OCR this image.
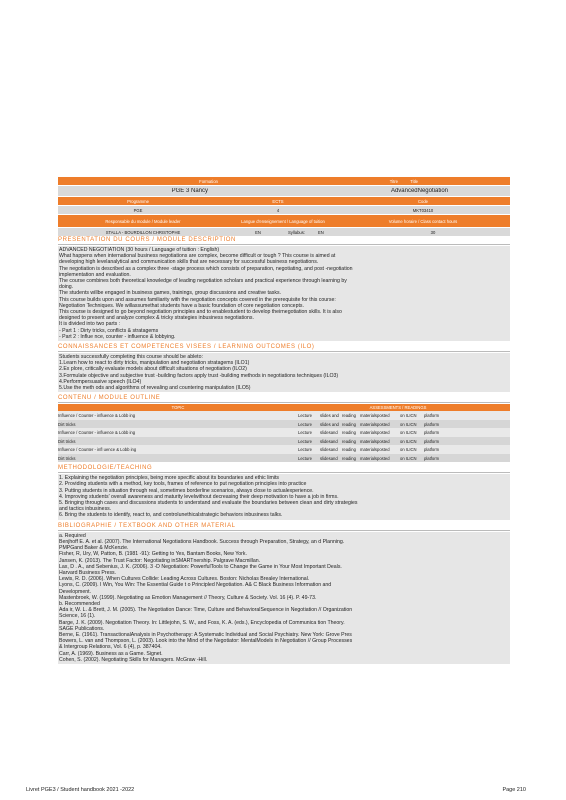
Formation	Titre	Title
PGE 3 Nancy	AdvancedNegotiation
Programme	ECTS	Code
PGE	4	MKT03410
Responsable du module / Module leader	Langue d'enseignement / Language of tuition	Volume horaire / Class contact hours
STALLA - BOURDILLON CHRISTOPHE	EN	Syllabus:	EN	30
PRESENTATION DU COURS / MODULE DESCRIPTION
ADVANCED NEGOTIATION (30 hours / Language of tuition : English)
What happens when international business negotiations are complex, become difficult or tough ? This course is aimed at
developing high levelanalytical and communication skills that are necessary for successful business negotiations.
The negotiation is described as a complex three -stage process which consists of preparation, negotiating, and post -negotiation
implementation and evaluation.
The course combines both theoretical knowledge of leading negotiation scholars and practical experience through learning by
doing.
The students willbe engaged in business games, trainings, group discussions and creative tasks.
This course builds upon and assumes familiarity with the negotiation concepts covered in the prerequisite for this course:
Negotiation Techniques. We willassumethat students have a basic foundation of core negotiation concepts.
This course is designed to go beyond negotiation principles and to enablestudent to develop theirnegotiation skills. It is also
designed to present and analyze complex & tricky strategies inbusiness negotiations.
It is divided into two parts :
- Part 1 : Dirty tricks, conflicts & stratagems
- Part 2 : Influe nce, counter - influence & lobbying.
CONNAISSANCES ET COMPETENCES VISEES / LEARNING OUTCOMES (ILO)
Students successfully completing this course should be ableto:
1.Learn how to react to dirty tricks, manipulation and negotiation stratagems (ILO1)
2.Ex plore, critically evaluate models about difficult situations of negotiation (ILO2)
3.Formulate objective and subjective trust -building factors apply trust -building methods in negotiations techniques (ILO3)
4.Performpersuasive speech (ILO4)
5.Use the meth ods and algorithms of revealing and countering manipulation (ILO5)
CONTENU / MODULE OUTLINE
TOPIC	ASSESSMENTS / READINGS
Influence / Counter - influence & Lobb ing	Lecture	slides and reading materialsposted	on ILICN	platform
Dirt tricks	Lecture	slides and reading materialsposted	on ILICN	platform
Influence / Counter - influence & Lobb ing	Lecture	slidesand	reading materialsposted	on ILICN	platform
Dirt tricks	Lecture	slidesand	reading materialsposted	on ILICN	platform
Influence / Counter - infl uence & Lobb ing	Lecture	slidesand	reading materialsposted	on ILICN	platform
Dirt tricks	Lecture	slidesand	reading materialsposted	on ILICN	platform
METHODOLOGIE/TEACHING
1. Explaining the negotiation principles, being more specific about its boundaries and ethic limits
2. Providing students with a method, key tools, frames of reference to put negotiation principles into practice
3. Putting students in situation through real, sometimes borderline scenarios, always close to actualexperience.
4. Improving students' overall awareness and maturity levelwithout decreasing their deep motivation to have a job in firms.
5. Bringing through cases and discussions students to understand and evaluate the boundaries between clean and dirty strategies
and tactics inbusiness.
6. Bring the students to identify, react to, and controlunethicalstrategic behaviors inbusiness talks.
BIBLIOGRAPHIE / TEXTBOOK AND OTHER MATERIAL
a. Required
Benjhoff E. A. et al. (2007). The International Negotiations Handbook. Success through Preparation, Strategy, an d Planning.
PMPGand Baker & McKenzie.
Fisher, R, Ury, W, Patton, B. (1981 -91): Getting to Yes, Bantam Books, New York.
Jansen, K. (2013). The Trust Factor: Negotiating inSMARTnership. Palgrave Macmillan.
Lax, D . A., and Sebenius, J. K. (2006). 3 -D Negotiation: PowerfulTools to Change the Game in Your Most Important Deals.
Harvard Business Press.
Lewis, R. D. (2006). When Cultures Collide: Leading Across Cultures. Boston: Nicholas Brealey International.
Lyons, C. (2009). I Win, You Win: The Essential Guide t o Principled Negotiation. A& C Black Business Information and
Development.
Mastenbroek, W. (1999). Negotiating as Emotion Management // Theory, Culture & Society. Vol. 16 (4). P. 49-73.
b. Recommended
Ada ir, W. L. & Brett, J. M. (2005). The Negotiation Dance: Time, Culture and BehavioralSequence in Negotiation // Organization
Science, 16 (1).
Barge, J. K. (2009). Negotiation Theory. In: Littlejohn, S. W., and Foss, K. A. (eds.), Encyclopedia of Communica tion Theory.
SAGE Publications.
Berne, E. (1961). TransactionalAnalysis in Psychotherapy: A Systematic Individual and Social Psychiatry. New York: Grove Pres
Bowers, L. van and Thompson, L. (2003). Look into the Mind of the Negotiator: MentalModels in Negotiation // Group Processes
& Intergroup Relations, Vol. 6 (4), p. 387404.
Carr, A. (1969). Business as a Game. Signet.
Cohen, S. (2002). Negotiating Skills for Managers. McGraw -Hill.
Livret PGE3 / Student handbook 2021 -2022	Page 210
